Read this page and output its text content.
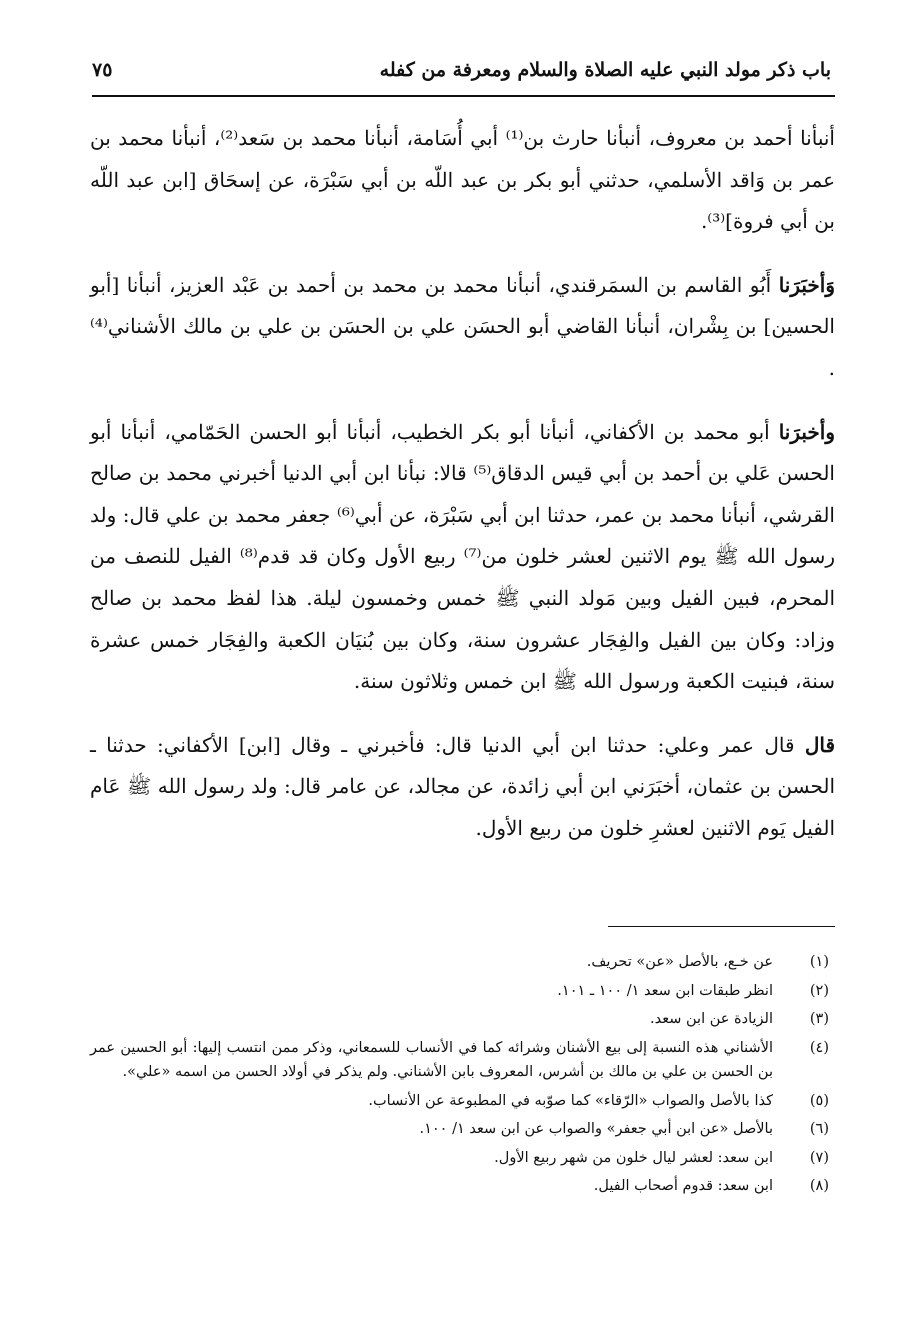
باب ذكر مولد النبي عليه الصلاة والسلام ومعرفة من كفله
٧٥

أنبأنا أحمد بن معروف، أنبأنا حارث بن⁽¹⁾ أبي أُسَامة، أنبأنا محمد بن سَعد⁽²⁾، أنبأنا محمد بن عمر بن وَاقد الأسلمي، حدثني أبو بكر بن عبد اللّه بن أبي سَبْرَة، عن إسحَاق [ابن عبد اللّه بن أبي فروة]⁽³⁾.

وَأخبَرَنا أَبُو القاسم بن السمَرقندي، أنبأنا محمد بن محمد بن أحمد بن عَبْد العزيز، أنبأنا [أبو الحسين] بن بِشْران، أنبأنا القاضي أبو الحسَن علي بن الحسَن بن علي بن مالك الأشناني⁽⁴⁾ .

وأخبرَنا أبو محمد بن الأكفاني، أنبأنا أبو بكر الخطيب، أنبأنا أبو الحسن الحَمّامي، أنبأنا أبو الحسن عَلي بن أحمد بن أبي قيس الدقاق⁽⁵⁾ قالا: نبأنا ابن أبي الدنيا أخبرني محمد بن صالح القرشي، أنبأنا محمد بن عمر، حدثنا ابن أبي سَبْرَة، عن أبي⁽⁶⁾ جعفر محمد بن علي قال: ولد رسول الله ﷺ يوم الاثنين لعشر خلون من⁽⁷⁾ ربيع الأول وكان قد قدم⁽⁸⁾ الفيل للنصف من المحرم، فبين الفيل وبين مَولد النبي ﷺ خمس وخمسون ليلة. هذا لفظ محمد بن صالح وزاد: وكان بين الفيل والفِجَار عشرون سنة، وكان بين بُنيَان الكعبة والفِجَار خمس عشرة سنة، فبنيت الكعبة ورسول الله ﷺ ابن خمس وثلاثون سنة.

قال قال عمر وعلي: حدثنا ابن أبي الدنيا قال: فأخبرني ـ وقال [ابن] الأكفاني: حدثنا ـ الحسن بن عثمان، أخبَرَني ابن أبي زائدة، عن مجالد، عن عامر قال: ولد رسول الله ﷺ عَام الفيل يَوم الاثنين لعشرِ خلون من ربيع الأول.

(١)
عن خـع، بالأصل «عن» تحريف.
(٢)
انظر طبقات ابن سعد ١/ ١٠٠ ـ ١٠١.
(٣)
الزيادة عن ابن سعد.
(٤)
الأشناني هذه النسبة إلى بيع الأشنان وشرائه كما في الأنساب للسمعاني، وذكر ممن انتسب إليها: أبو الحسين عمر بن الحسن بن علي بن مالك بن أشرس، المعروف بابن الأشناني. ولم يذكر في أولاد الحسن من اسمه «علي».
(٥)
كذا بالأصل والصواب «الرّقاء» كما صوّبه في المطبوعة عن الأنساب.
(٦)
بالأصل «عن ابن أبي جعفر» والصواب عن ابن سعد ١/ ١٠٠.
(٧)
ابن سعد: لعشر ليال خلون من شهر ربيع الأول.
(٨)
ابن سعد: قدوم أصحاب الفيل.
